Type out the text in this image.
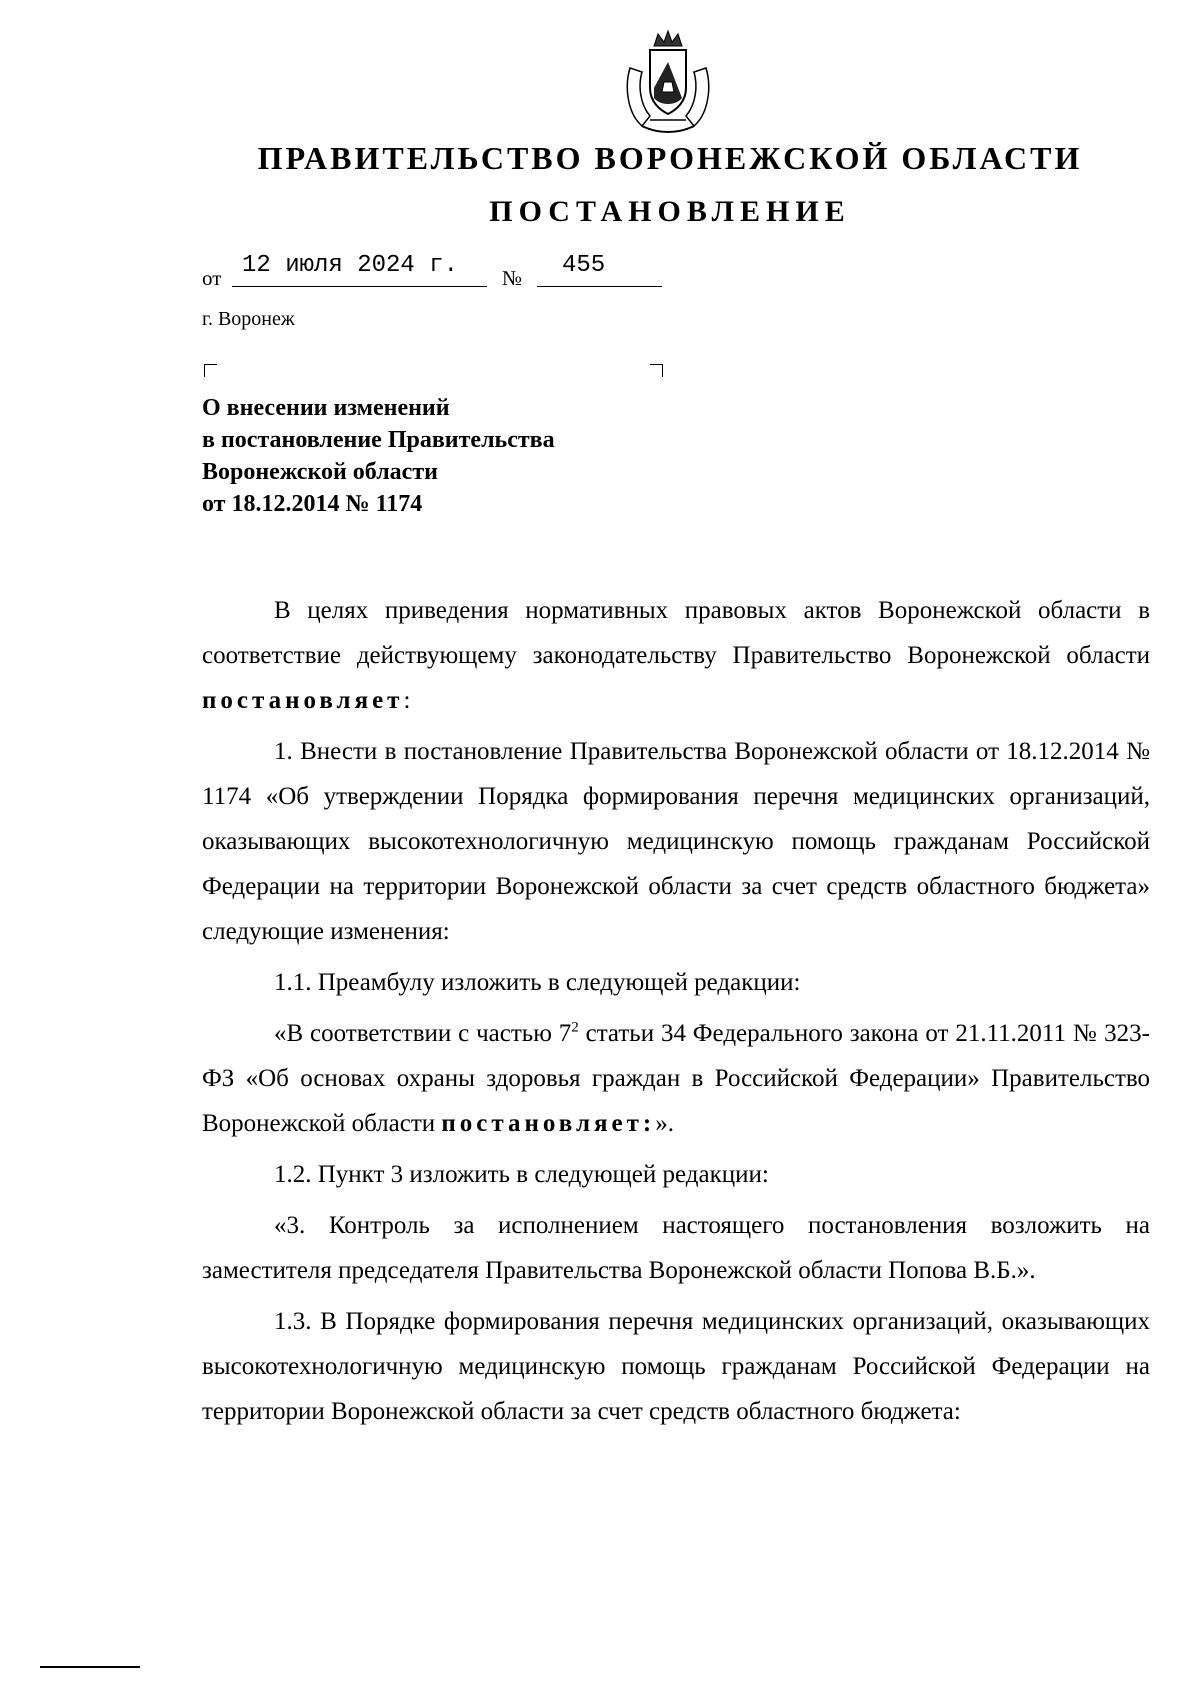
ПРАВИТЕЛЬСТВО ВОРОНЕЖСКОЙ ОБЛАСТИ
ПОСТАНОВЛЕНИЕ
от 12 июля 2024 г. № 455
г. Воронеж
О внесении изменений
в постановление Правительства
Воронежской области
от 18.12.2014 № 1174

В целях приведения нормативных правовых актов Воронежской области в соответствие действующему законодательству Правительство Воронежской области постановляет:

1. Внести в постановление Правительства Воронежской области от 18.12.2014 № 1174 «Об утверждении Порядка формирования перечня медицинских организаций, оказывающих высокотехнологичную медицинскую помощь гражданам Российской Федерации на территории Воронежской области за счет средств областного бюджета» следующие изменения:

1.1. Преамбулу изложить в следующей редакции:

«В соответствии с частью $7^2$ статьи 34 Федерального закона от 21.11.2011 № 323-ФЗ «Об основах охраны здоровья граждан в Российской Федерации» Правительство Воронежской области постановляет:».

1.2. Пункт 3 изложить в следующей редакции:

«3. Контроль за исполнением настоящего постановления возложить на заместителя председателя Правительства Воронежской области Попова В.Б.».

1.3. В Порядке формирования перечня медицинских организаций, оказывающих высокотехнологичную медицинскую помощь гражданам Российской Федерации на территории Воронежской области за счет средств областного бюджета:
